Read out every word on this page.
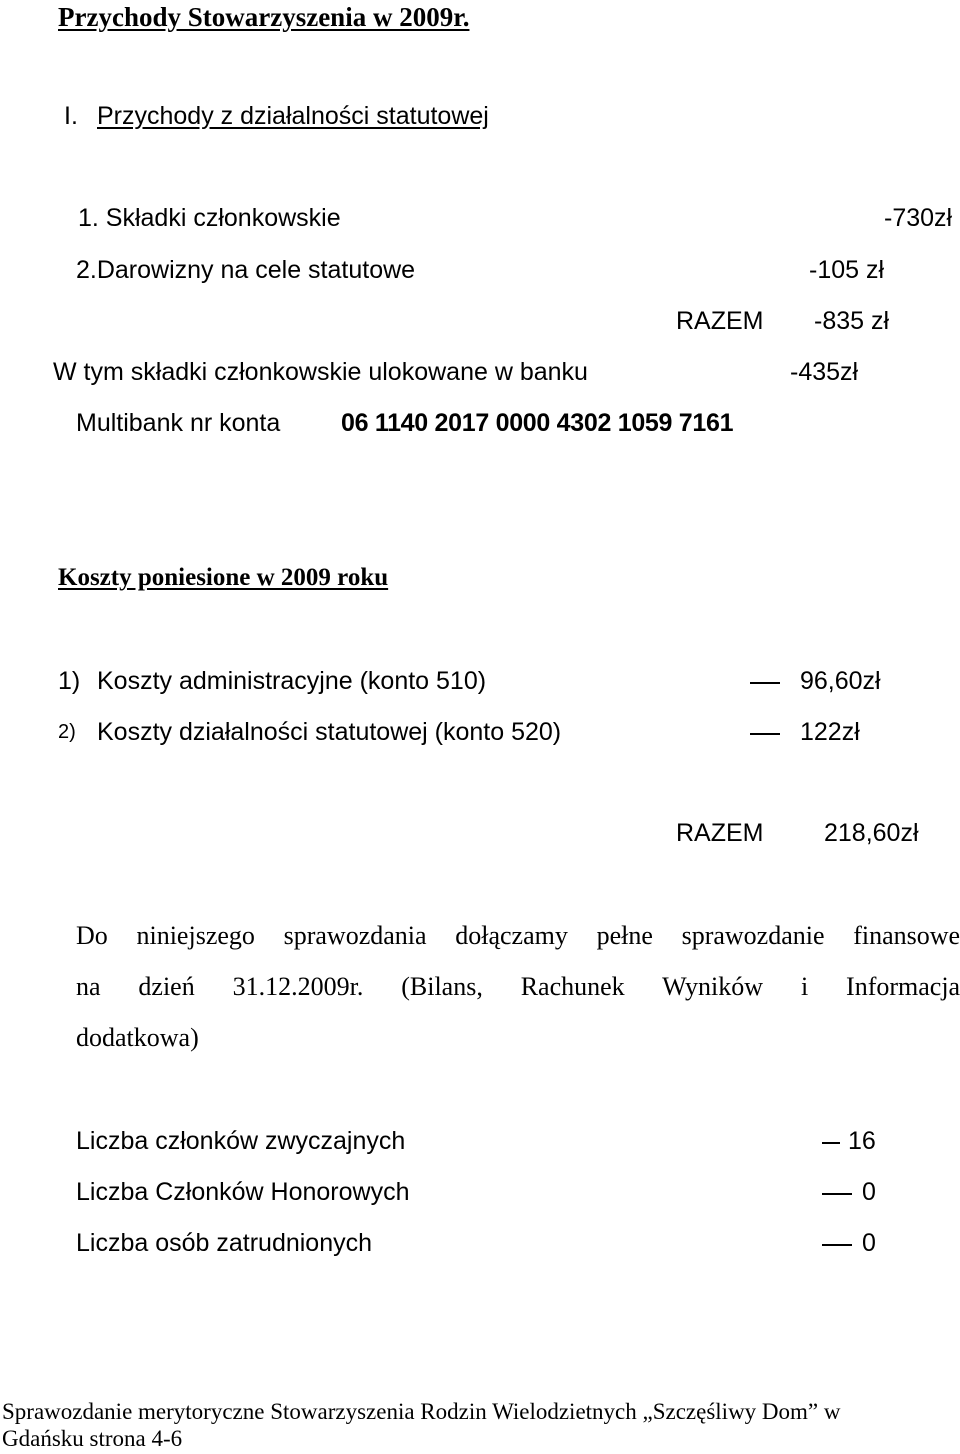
Przychody Stowarzyszenia w 2009r.
I. Przychody z działalności statutowej
1. Składki członkowskie	-730zł
2.Darowizny na cele statutowe	-105 zł
RAZEM -835 zł
W tym składki członkowskie ulokowane w banku	-435zł
Multibank nr konta 06 1140 2017 0000 4302 1059 7161
Koszty poniesione w 2009 roku
1) Koszty administracyjne (konto 510)	96,60zł
2) Koszty działalności statutowej (konto 520)	122zł
RAZEM 218,60zł
Do niniejszego sprawozdania dołączamy pełne sprawozdanie finansowe
na dzień 31.12.2009r. (Bilans, Rachunek Wyników i Informacja
dodatkowa)
Liczba członków zwyczajnych	16
Liczba Członków Honorowych	0
Liczba osób zatrudnionych	0
Sprawozdanie merytoryczne Stowarzyszenia Rodzin Wielodzietnych „Szczęśliwy Dom” w
Gdańsku strona 4-6
